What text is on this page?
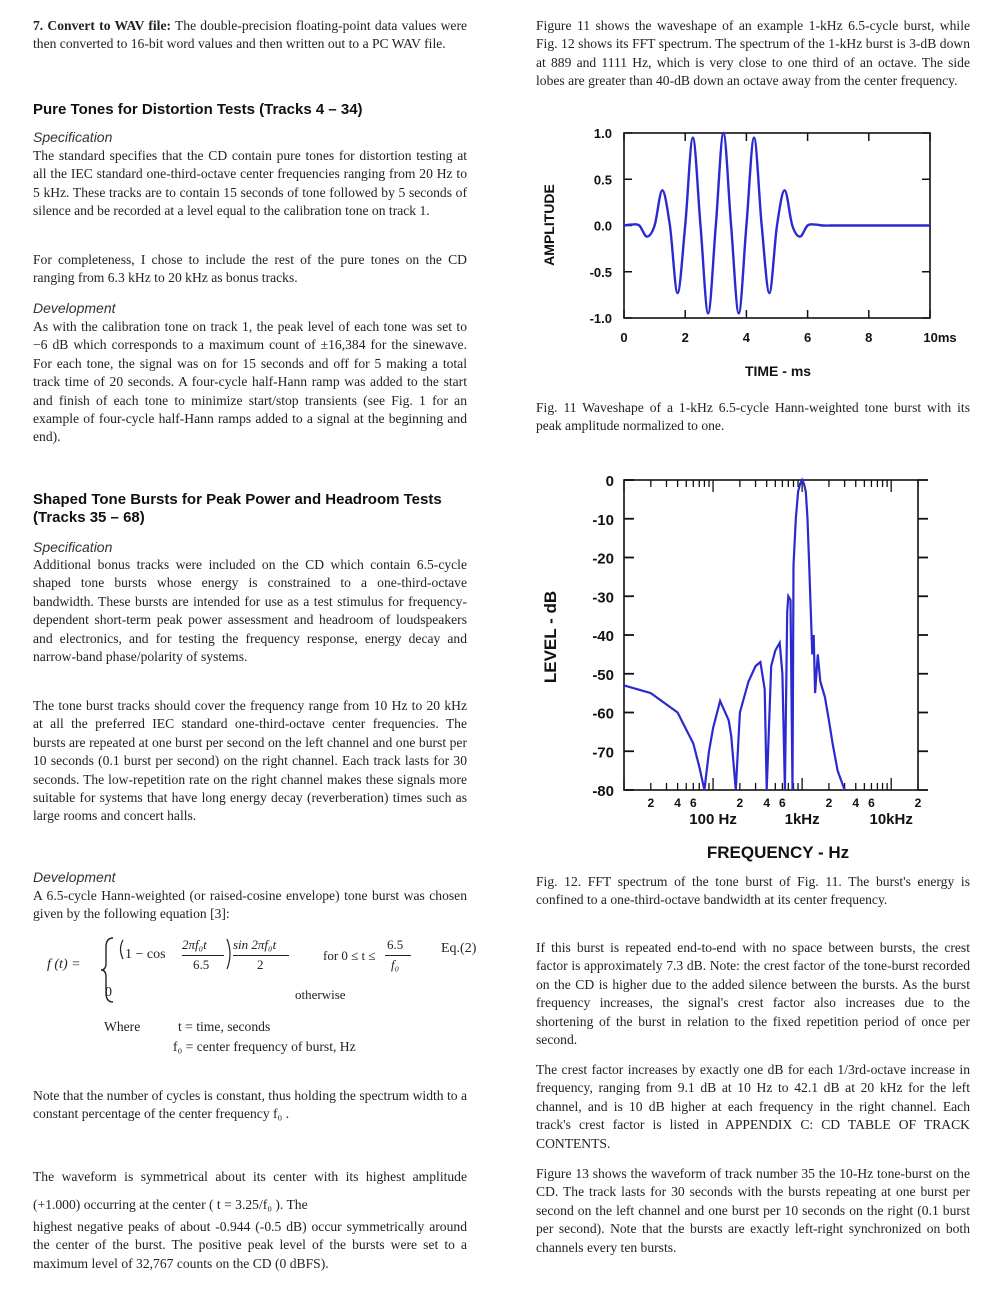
7. Convert to WAV file: The double-precision floating-point data values were then converted to 16-bit word values and then written out to a PC WAV file.

Pure Tones for Distortion Tests (Tracks 4 – 34)
Specification

The standard specifies that the CD contain pure tones for distortion testing at all the IEC standard one-third-octave center frequencies ranging from 20 Hz to 5 kHz. These tracks are to contain 15 seconds of tone followed by 5 seconds of silence and be recorded at a level equal to the calibration tone on track 1.

For completeness, I chose to include the rest of the pure tones on the CD ranging from 6.3 kHz to 20 kHz as bonus tracks.

Development

As with the calibration tone on track 1, the peak level of each tone was set to −6 dB which corresponds to a maximum count of ±16,384 for the sinewave. For each tone, the signal was on for 15 seconds and off for 5 making a total track time of 20 seconds. A four-cycle half-Hann ramp was added to the start and finish of each tone to minimize start/stop transients (see Fig. 1 for an example of four-cycle half-Hann ramps added to a signal at the beginning and end).

Shaped Tone Bursts for Peak Power and Headroom Tests (Tracks 35 – 68)
Specification

Additional bonus tracks were included on the CD which contain 6.5-cycle shaped tone bursts whose energy is constrained to a one-third-octave bandwidth. These bursts are intended for use as a test stimulus for frequency-dependent short-term peak power assessment and headroom of loudspeakers and electronics, and for testing the frequency response, energy decay and narrow-band phase/polarity of systems.

The tone burst tracks should cover the frequency range from 10 Hz to 20 kHz at all the preferred IEC standard one-third-octave center frequencies. The bursts are repeated at one burst per second on the left channel and one burst per 10 seconds (0.1 burst per second) on the right channel. Each track lasts for 30 seconds. The low-repetition rate on the right channel makes these signals more suitable for systems that have long energy decay (reverberation) times such as large rooms and concert halls.

Development

A 6.5-cycle Hann-weighted (or raised-cosine envelope) tone burst was chosen given by the following equation [3]:

f (t) =
1 − cos
2πf₀t
6.5
sin 2πf₀t
2
for 0 ≤ t ≤
6.5
f₀
Eq.(2)
0	otherwise
Where	t = time, seconds
f₀ = center frequency of burst, Hz

Note that the number of cycles is constant, thus holding the spectrum width to a constant percentage of the center frequency f₀ .

The waveform is symmetrical about its center with its highest amplitude (+1.000) occurring at the center ( t = 3.25/f₀ ). The

highest negative peaks of about -0.944 (-0.5 dB) occur symmetrically around the center of the burst. The positive peak level of the bursts were set to a maximum level of 32,767 counts on the CD (0 dBFS).

Figure 11 shows the waveshape of an example 1-kHz 6.5-cycle burst, while Fig. 12 shows its FFT spectrum. The spectrum of the 1-kHz burst is 3-dB down at 889 and 1111 Hz, which is very close to one third of an octave. The side lobes are greater than 40-dB down an octave away from the center frequency.

1.0
0.5
0.0
-0.5
-1.0
0	2	4	6	8	10ms
AMPLITUDE
TIME - ms

Fig. 11 Waveshape of a 1-kHz 6.5-cycle Hann-weighted tone burst with its peak amplitude normalized to one.

0
-10
-20
-30
-40
-50
-60
-70
-80
2 4 6	2 4 6	2 4 6	2
100 Hz	1kHz	10kHz
LEVEL - dB
FREQUENCY - Hz

Fig. 12. FFT spectrum of the tone burst of Fig. 11. The burst's energy is confined to a one-third-octave bandwidth at its center frequency.

If this burst is repeated end-to-end with no space between bursts, the crest factor is approximately 7.3 dB. Note: the crest factor of the tone-burst recorded on the CD is higher due to the added silence between the bursts. As the burst frequency increases, the signal's crest factor also increases due to the shortening of the burst in relation to the fixed repetition period of once per second.

The crest factor increases by exactly one dB for each 1/3rd-octave increase in frequency, ranging from 9.1 dB at 10 Hz to 42.1 dB at 20 kHz for the left channel, and is 10 dB higher at each frequency in the right channel. Each track's crest factor is listed in APPENDIX C: CD TABLE OF TRACK CONTENTS.

Figure 13 shows the waveform of track number 35 the 10-Hz tone-burst on the CD. The track lasts for 30 seconds with the bursts repeating at one burst per second on the left channel and one burst per 10 seconds on the right (0.1 burst per second). Note that the bursts are exactly left-right synchronized on both channels every ten bursts.
